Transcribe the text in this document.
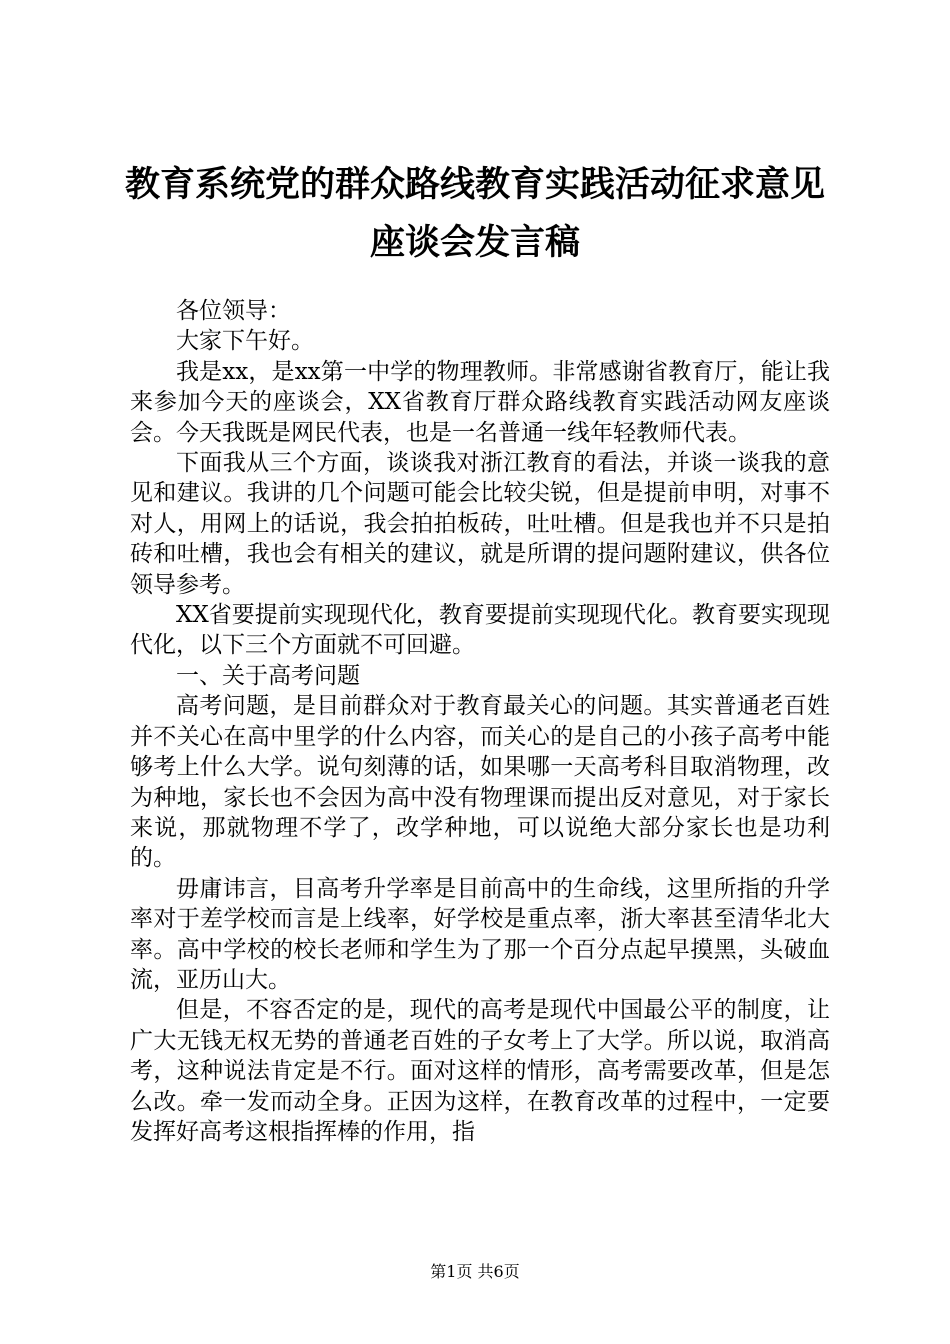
教育系统党的群众路线教育实践活动征求意见
座谈会发言稿

各位领导：

大家下午好。

我是xx，是xx第一中学的物理教师。非常感谢省教育厅，能让我来参加今天的座谈会，XX省教育厅群众路线教育实践活动网友座谈会。今天我既是网民代表，也是一名普通一线年轻教师代表。

下面我从三个方面，谈谈我对浙江教育的看法，并谈一谈我的意见和建议。我讲的几个问题可能会比较尖锐，但是提前申明，对事不对人，用网上的话说，我会拍拍板砖，吐吐槽。但是我也并不只是拍砖和吐槽，我也会有相关的建议，就是所谓的提问题附建议，供各位领导参考。

XX省要提前实现现代化，教育要提前实现现代化。教育要实现现代化，以下三个方面就不可回避。

一、关于高考问题

高考问题，是目前群众对于教育最关心的问题。其实普通老百姓并不关心在高中里学的什么内容，而关心的是自己的小孩子高考中能够考上什么大学。说句刻薄的话，如果哪一天高考科目取消物理，改为种地，家长也不会因为高中没有物理课而提出反对意见，对于家长来说，那就物理不学了，改学种地，可以说绝大部分家长也是功利的。

毋庸讳言，目高考升学率是目前高中的生命线，这里所指的升学率对于差学校而言是上线率，好学校是重点率，浙大率甚至清华北大率。高中学校的校长老师和学生为了那一个百分点起早摸黑，头破血流，亚历山大。

但是，不容否定的是，现代的高考是现代中国最公平的制度，让广大无钱无权无势的普通老百姓的子女考上了大学。所以说，取消高考，这种说法肯定是不行。面对这样的情形，高考需要改革，但是怎么改。牵一发而动全身。正因为这样，在教育改革的过程中，一定要发挥好高考这根指挥棒的作用，指

第1页 共6页
